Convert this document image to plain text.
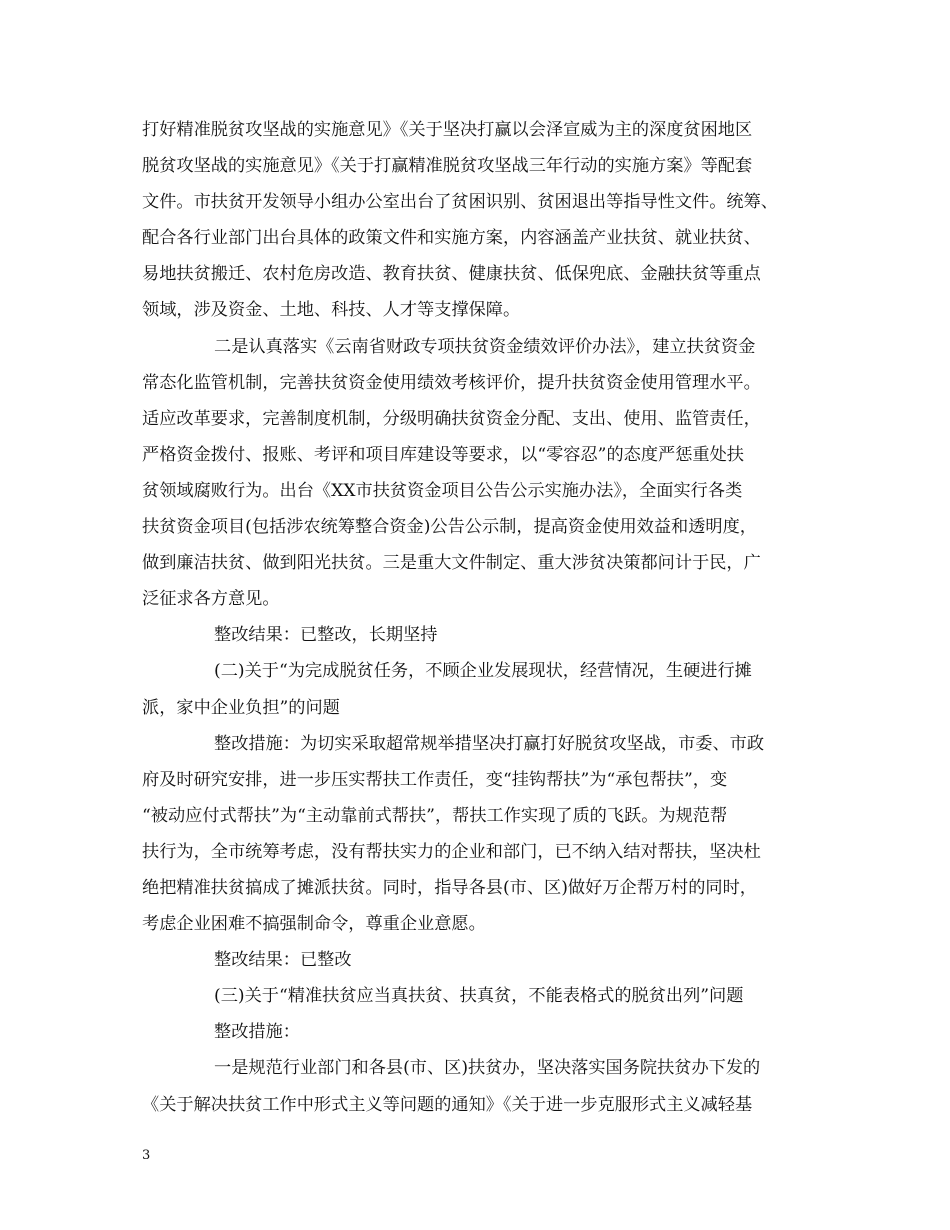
打好精准脱贫攻坚战的实施意见》《关于坚决打赢以会泽宣威为主的深度贫困地区
脱贫攻坚战的实施意见》《关于打赢精准脱贫攻坚战三年行动的实施方案》等配套
文件。市扶贫开发领导小组办公室出台了贫困识别、贫困退出等指导性文件。统筹、
配合各行业部门出台具体的政策文件和实施方案，内容涵盖产业扶贫、就业扶贫、
易地扶贫搬迁、农村危房改造、教育扶贫、健康扶贫、低保兜底、金融扶贫等重点
领域，涉及资金、土地、科技、人才等支撑保障。
二是认真落实《云南省财政专项扶贫资金绩效评价办法》，建立扶贫资金
常态化监管机制，完善扶贫资金使用绩效考核评价，提升扶贫资金使用管理水平。
适应改革要求，完善制度机制，分级明确扶贫资金分配、支出、使用、监管责任，
严格资金拨付、报账、考评和项目库建设等要求，以“零容忍”的态度严惩重处扶
贫领域腐败行为。出台《XX市扶贫资金项目公告公示实施办法》，全面实行各类
扶贫资金项目(包括涉农统筹整合资金)公告公示制，提高资金使用效益和透明度，
做到廉洁扶贫、做到阳光扶贫。三是重大文件制定、重大涉贫决策都问计于民，广
泛征求各方意见。
整改结果：已整改，长期坚持
(二)关于“为完成脱贫任务，不顾企业发展现状，经营情况，生硬进行摊
派，家中企业负担”的问题
整改措施：为切实采取超常规举措坚决打赢打好脱贫攻坚战，市委、市政
府及时研究安排，进一步压实帮扶工作责任，变“挂钩帮扶”为“承包帮扶”，变
“被动应付式帮扶”为“主动靠前式帮扶”，帮扶工作实现了质的飞跃。为规范帮
扶行为，全市统筹考虑，没有帮扶实力的企业和部门，已不纳入结对帮扶，坚决杜
绝把精准扶贫搞成了摊派扶贫。同时，指导各县(市、区)做好万企帮万村的同时，
考虑企业困难不搞强制命令，尊重企业意愿。
整改结果：已整改
(三)关于“精准扶贫应当真扶贫、扶真贫，不能表格式的脱贫出列”问题
整改措施：
一是规范行业部门和各县(市、区)扶贫办，坚决落实国务院扶贫办下发的
《关于解决扶贫工作中形式主义等问题的通知》《关于进一步克服形式主义减轻基
3
